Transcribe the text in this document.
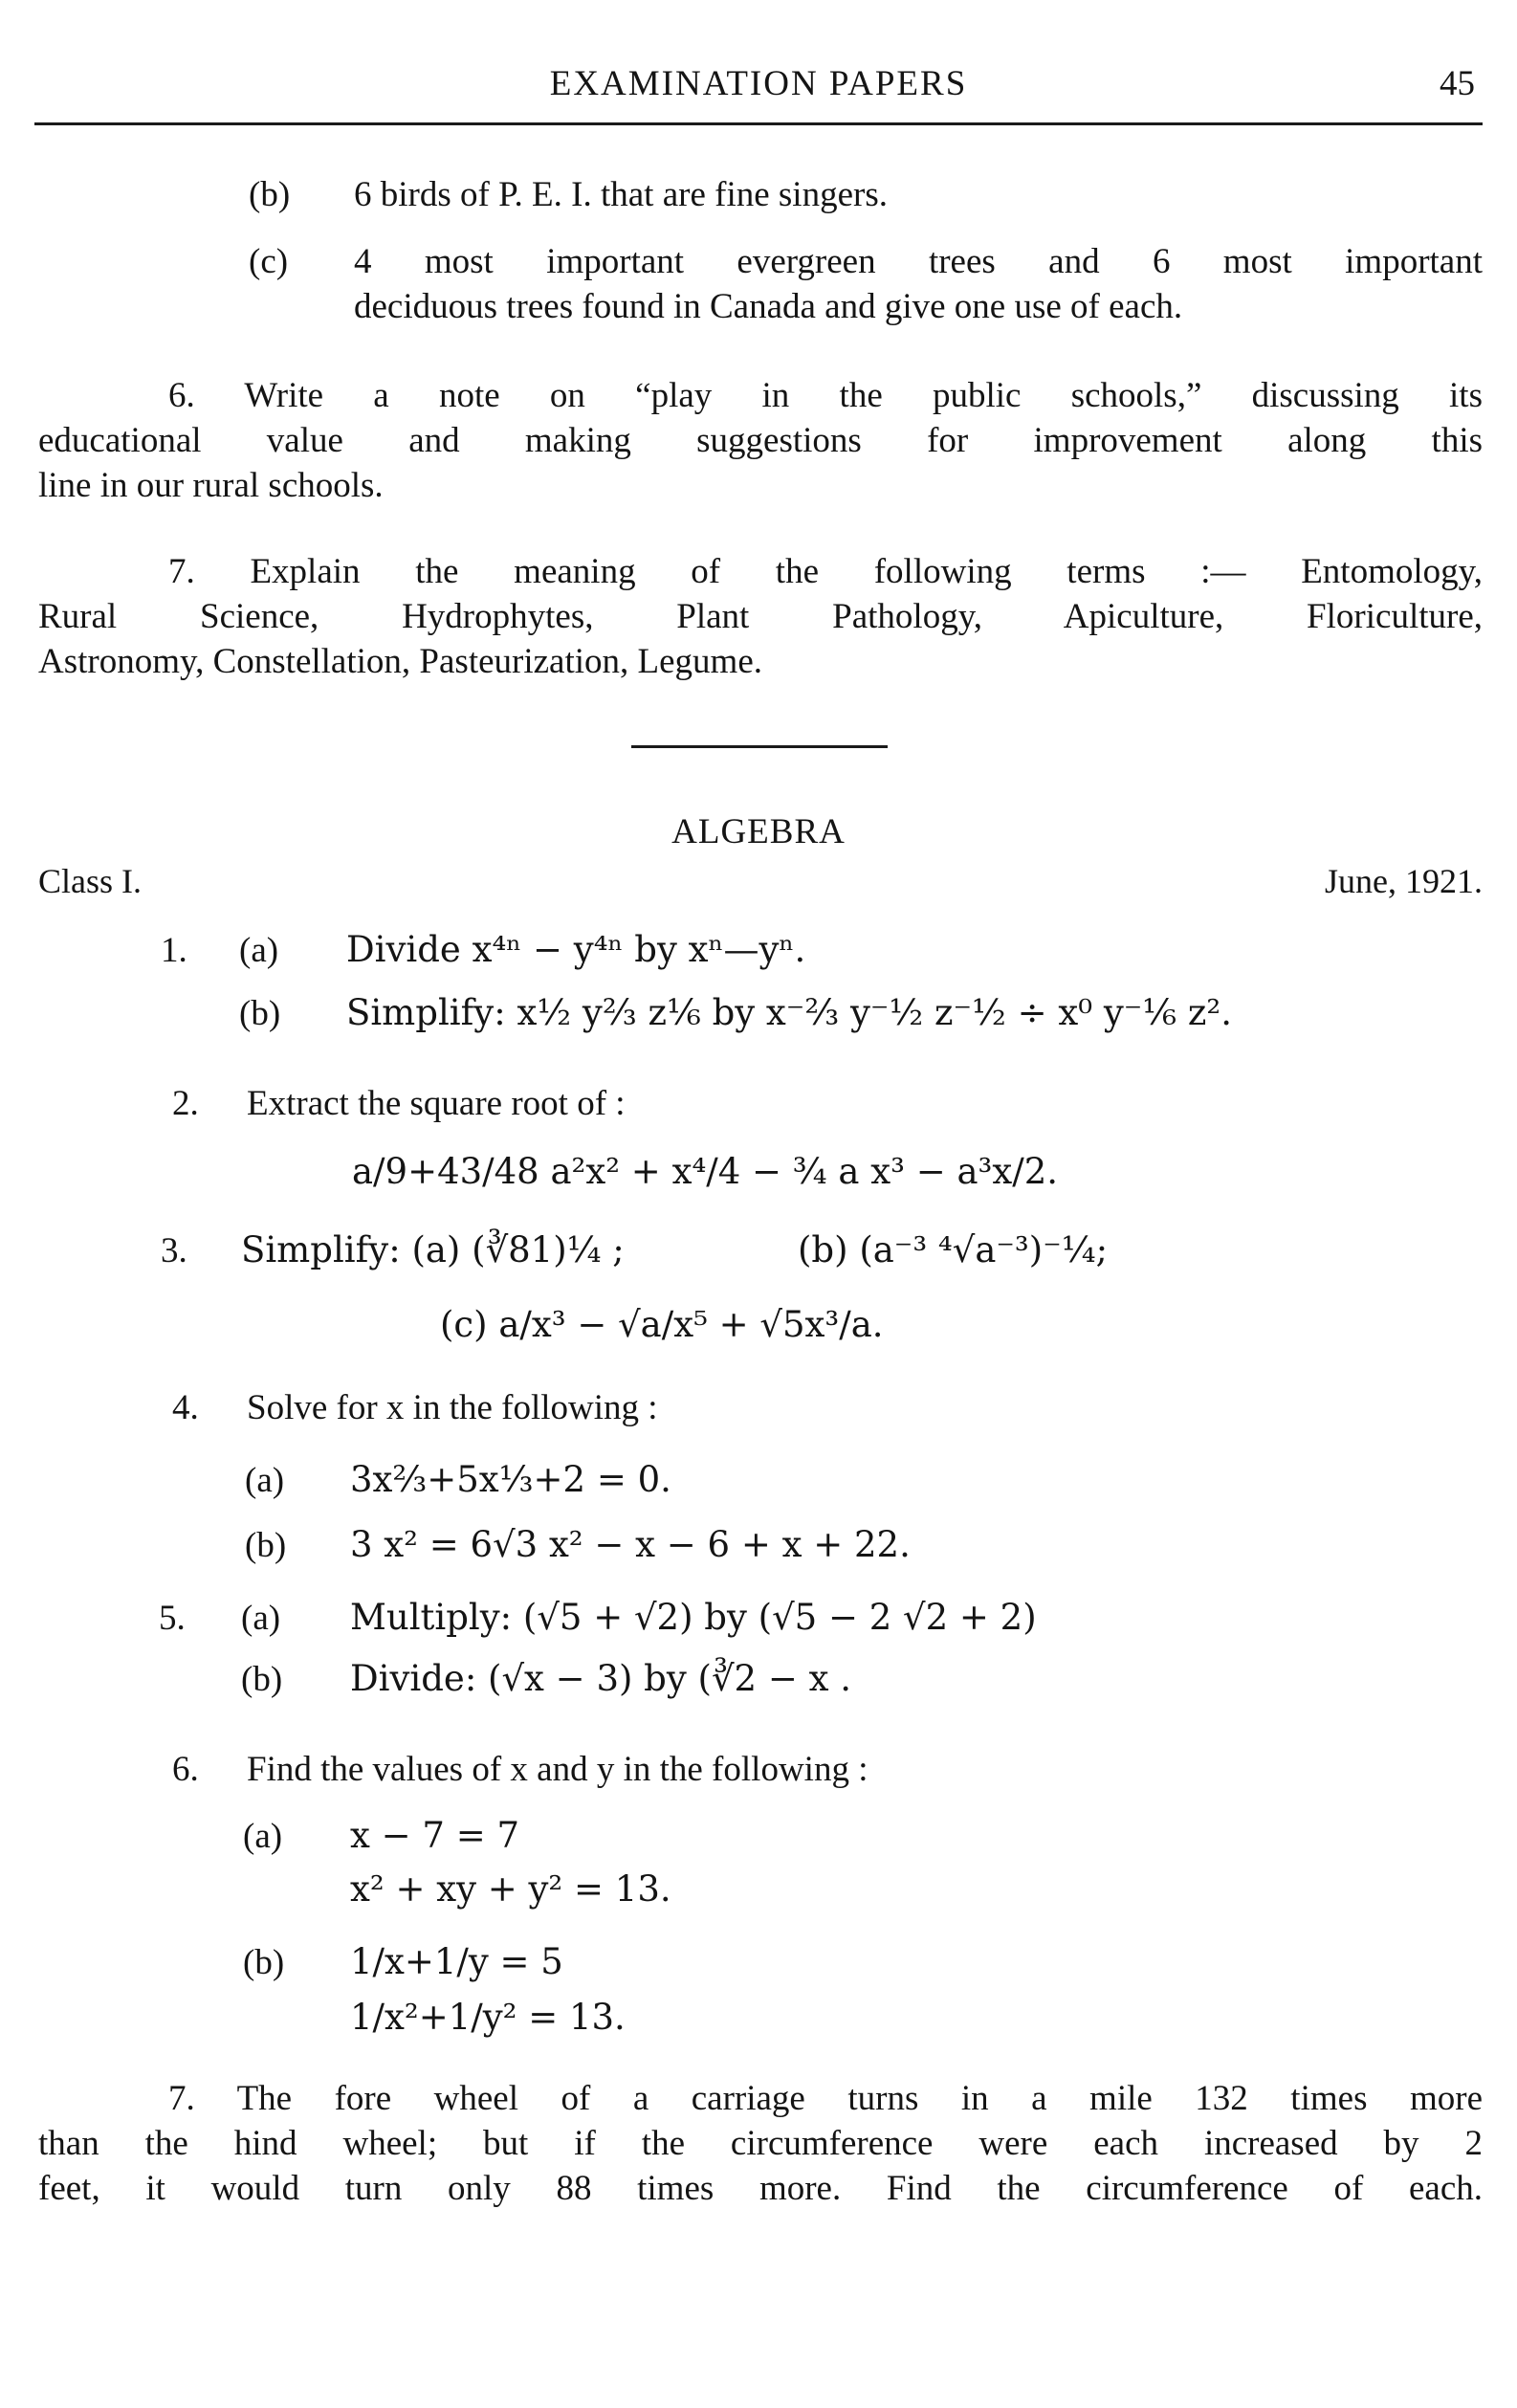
EXAMINATION PAPERS	45
(b) 6 birds of P. E. I. that are fine singers.
(c) 4 most important evergreen trees and 6 most important
deciduous trees found in Canada and give one use of each.
6. Write a note on “play in the public schools,” discussing its
educational value and making suggestions for improvement along this
line in our rural schools.
7. Explain the meaning of the following terms :— Entomology,
Rural Science, Hydrophytes, Plant Pathology, Apiculture, Floriculture,
Astronomy, Constellation, Pasteurization, Legume.
ALGEBRA
Class I.	June, 1921.
1. (a) Divide x⁴ⁿ − y⁴ⁿ by xⁿ—yⁿ.
(b) Simplify: x½ y⅔ z⅙ by x⁻⅔ y⁻½ z⁻½ ÷ x⁰ y⁻⅙ z².
2. Extract the square root of :
a/9+43/48 a²x² + x⁴/4 − ¾ a x³ − a³x/2.
3. Simplify: (a) (∛81)¼ ;	(b) (a⁻³ ⁴√a⁻³)⁻¼;
(c) a/x³ − √a/x⁵ + √5x³/a.
4. Solve for x in the following :
(a) 3x⅔+5x⅓+2 = 0.
(b) 3 x² = 6√3 x² − x − 6 + x + 22.
5. (a) Multiply: (√5 + √2) by (√5 − 2 √2 + 2)
(b) Divide: (√x − 3) by (∛2 − x .
6. Find the values of x and y in the following :
(a) x − 7 = 7
x² + xy + y² = 13.
(b) 1/x+1/y = 5
1/x²+1/y² = 13.
7. The fore wheel of a carriage turns in a mile 132 times more
than the hind wheel; but if the circumference were each increased by 2
feet, it would turn only 88 times more. Find the circumference of each.
